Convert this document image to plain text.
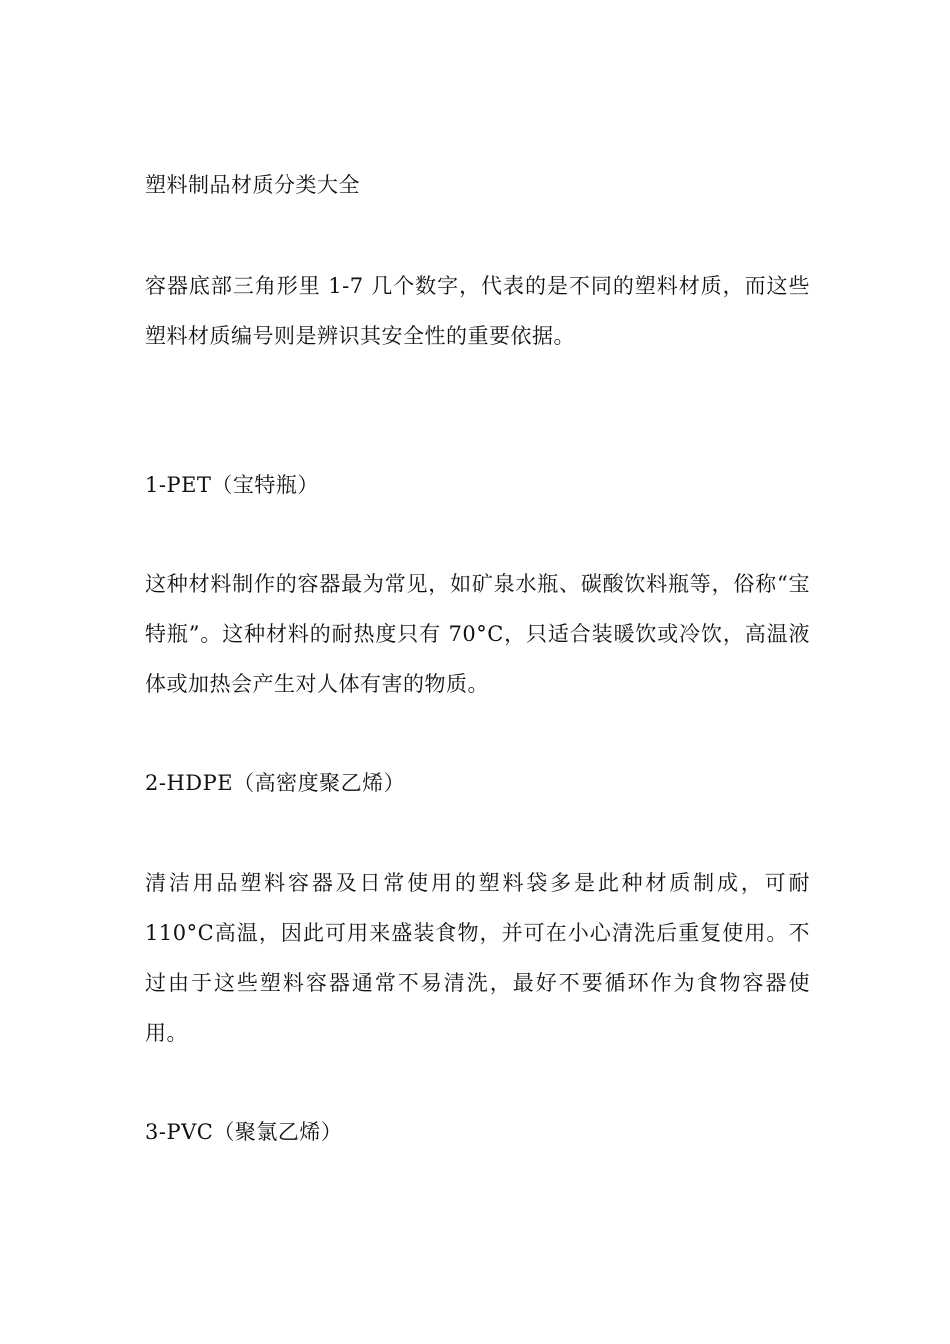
塑料制品材质分类大全

容器底部三角形里 1-7 几个数字，代表的是不同的塑料材质，而这些
塑料材质编号则是辨识其安全性的重要依据。

1-PET（宝特瓶）

这种材料制作的容器最为常见，如矿泉水瓶、碳酸饮料瓶等，俗称“宝
特瓶”。这种材料的耐热度只有 70°C，只适合装暖饮或冷饮，高温液
体或加热会产生对人体有害的物质。

2-HDPE（高密度聚乙烯）

清洁用品塑料容器及日常使用的塑料袋多是此种材质制成，可耐
110°C高温，因此可用来盛装食物，并可在小心清洗后重复使用。不
过由于这些塑料容器通常不易清洗，最好不要循环作为食物容器使
用。

3-PVC（聚氯乙烯）
